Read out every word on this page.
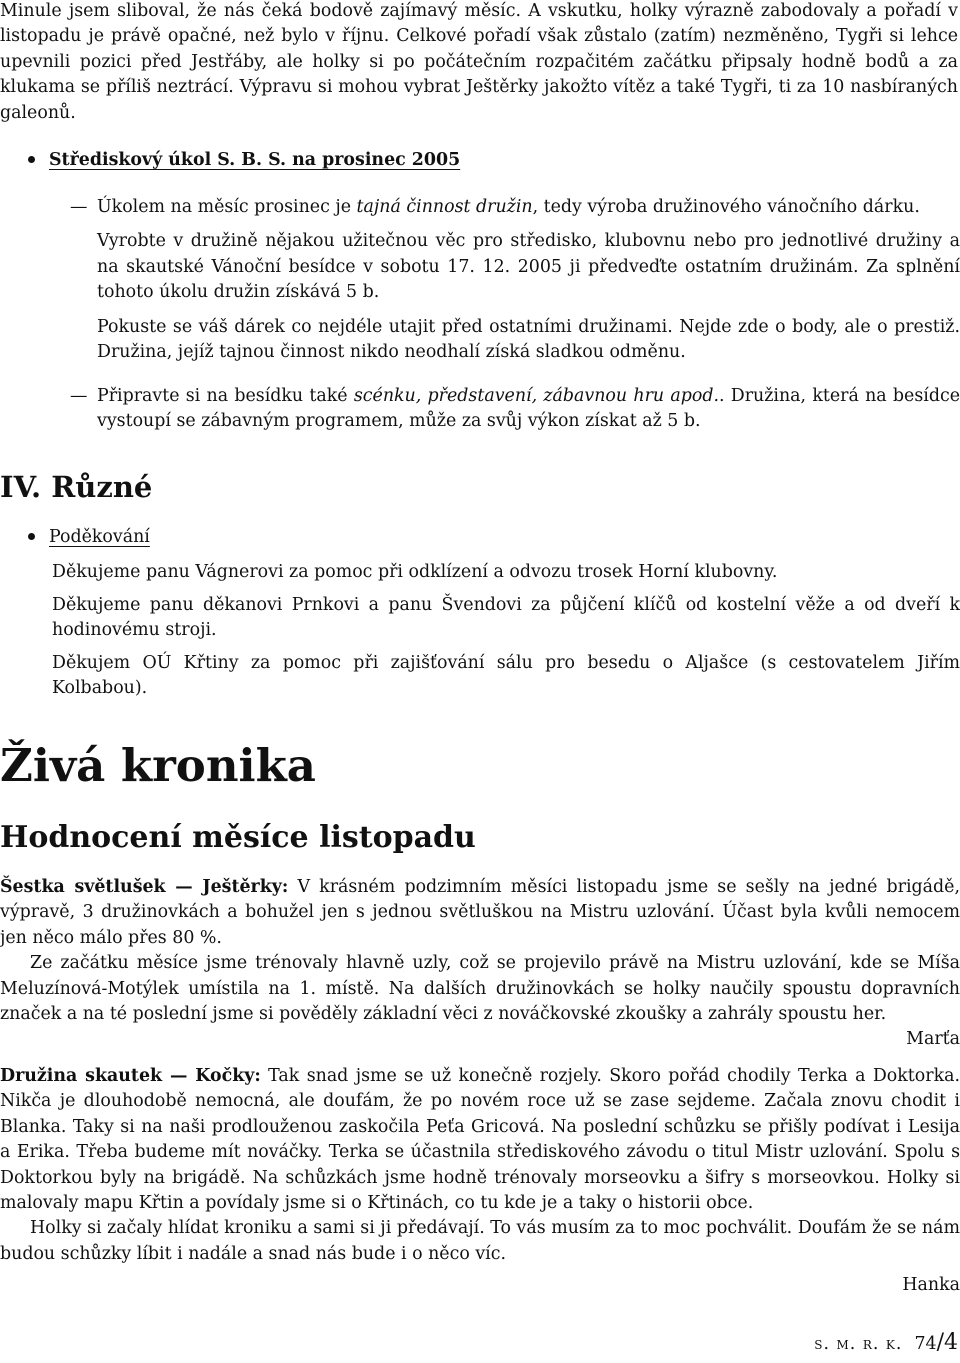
Minule jsem sliboval, že nás čeká bodově zajímavý měsíc. A vskutku, holky výrazně zabodovaly a pořadí v listopadu je právě opačné, než bylo v říjnu. Celkové pořadí však zůstalo (zatím) nezměněno, Tygři si lehce upevnili pozici před Jestřáby, ale holky si po počátečním rozpačitém začátku připsaly hodně bodů a za klukama se příliš neztrácí. Výpravu si mohou vybrat Ještěrky jakožto vítěz a také Tygři, ti za 10 nasbíraných galeonů.

Střediskový úkol S. B. S. na prosinec 2005
— Úkolem na měsíc prosinec je tajná činnost družin, tedy výroba družinového vánočního dárku.

Vyrobte v družině nějakou užitečnou věc pro středisko, klubovnu nebo pro jednotlivé družiny a na skautské Vánoční besídce v sobotu 17. 12. 2005 ji předveďte ostatním družinám. Za splnění tohoto úkolu družin získává 5 b.

Pokuste se váš dárek co nejdéle utajit před ostatními družinami. Nejde zde o body, ale o prestiž. Družina, jejíž tajnou činnost nikdo neodhalí získá sladkou odměnu.

— Připravte si na besídku také scénku, představení, zábavnou hru apod.. Družina, která na besídce vystoupí se zábavným programem, může za svůj výkon získat až 5 b.

IV. Různé
Poděkování

Děkujeme panu Vágnerovi za pomoc při odklízení a odvozu trosek Horní klubovny.

Děkujeme panu děkanovi Prnkovi a panu Švendovi za půjčení klíčů od kostelní věže a od dveří k hodinovému stroji.

Děkujem OÚ Křtiny za pomoc při zajišťování sálu pro besedu o Aljašce (s cestovatelem Jiřím Kolbabou).

Živá kronika
Hodnocení měsíce listopadu

Šestka světlušek — Ještěrky: V krásném podzimním měsíci listopadu jsme se sešly na jedné brigádě, výpravě, 3 družinovkách a bohužel jen s jednou světluškou na Mistru uzlování. Účast byla kvůli nemocem jen něco málo přes 80 %.

Ze začátku měsíce jsme trénovaly hlavně uzly, což se projevilo právě na Mistru uzlování, kde se Míša Meluzínová-Motýlek umístila na 1. místě. Na dalších družinovkách se holky naučily spoustu dopravních značek a na té poslední jsme si pověděly základní věci z nováčkovské zkoušky a zahrály spoustu her.

Marťa

Družina skautek — Kočky: Tak snad jsme se už konečně rozjely. Skoro pořád chodily Terka a Doktorka. Nikča je dlouhodobě nemocná, ale doufám, že po novém roce už se zase sejdeme. Začala znovu chodit i Blanka. Taky si na naši prodlouženou zaskočila Peťa Gricová. Na poslední schůzku se přišly podívat i Lesija a Erika. Třeba budeme mít nováčky. Terka se účastnila střediskového závodu o titul Mistr uzlování. Spolu s Doktorkou byly na brigádě. Na schůzkách jsme hodně trénovaly morseovku a šifry s morseovkou. Holky si malovaly mapu Křtin a povídaly jsme si o Křtinách, co tu kde je a taky o historii obce.

Holky si začaly hlídat kroniku a sami si ji předávají. To vás musím za to moc pochválit. Doufám že se nám budou schůzky líbit i nadále a snad nás bude i o něco víc.

Hanka

s. m. r. k. 74/4
